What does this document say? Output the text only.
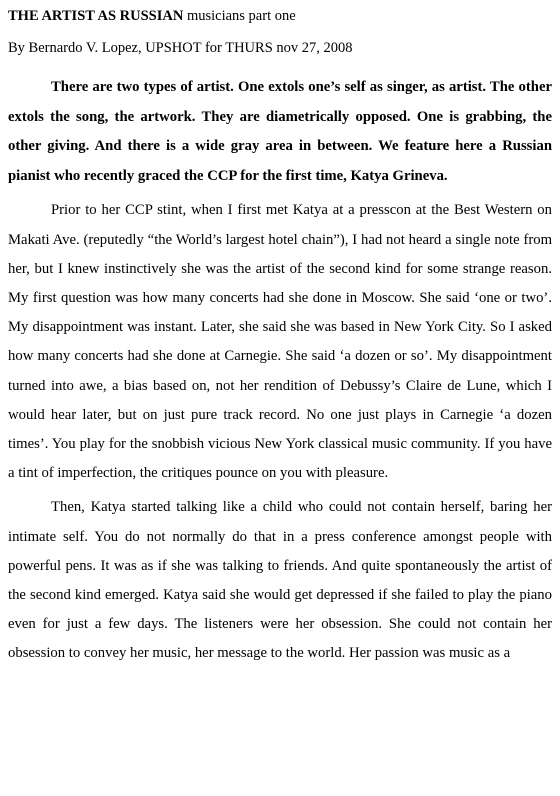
THE ARTIST AS RUSSIAN musicians part one

By Bernardo V. Lopez, UPSHOT for THURS nov 27, 2008

There are two types of artist. One extols one’s self as singer, as artist. The other extols the song, the artwork. They are diametrically opposed. One is grabbing, the other giving. And there is a wide gray area in between. We feature here a Russian pianist who recently graced the CCP for the first time, Katya Grineva.

Prior to her CCP stint, when I first met Katya at a presscon at the Best Western on Makati Ave. (reputedly “the World’s largest hotel chain”), I had not heard a single note from her, but I knew instinctively she was the artist of the second kind for some strange reason. My first question was how many concerts had she done in Moscow. She said ‘one or two’. My disappointment was instant. Later, she said she was based in New York City. So I asked how many concerts had she done at Carnegie. She said ‘a dozen or so’. My disappointment turned into awe, a bias based on, not her rendition of Debussy’s Claire de Lune, which I would hear later, but on just pure track record. No one just plays in Carnegie ‘a dozen times’. You play for the snobbish vicious New York classical music community. If you have a tint of imperfection, the critiques pounce on you with pleasure.

Then, Katya started talking like a child who could not contain herself, baring her intimate self. You do not normally do that in a press conference amongst people with powerful pens. It was as if she was talking to friends. And quite spontaneously the artist of the second kind emerged. Katya said she would get depressed if she failed to play the piano even for just a few days. The listeners were her obsession. She could not contain her obsession to convey her music, her message to the world. Her passion was music as a
